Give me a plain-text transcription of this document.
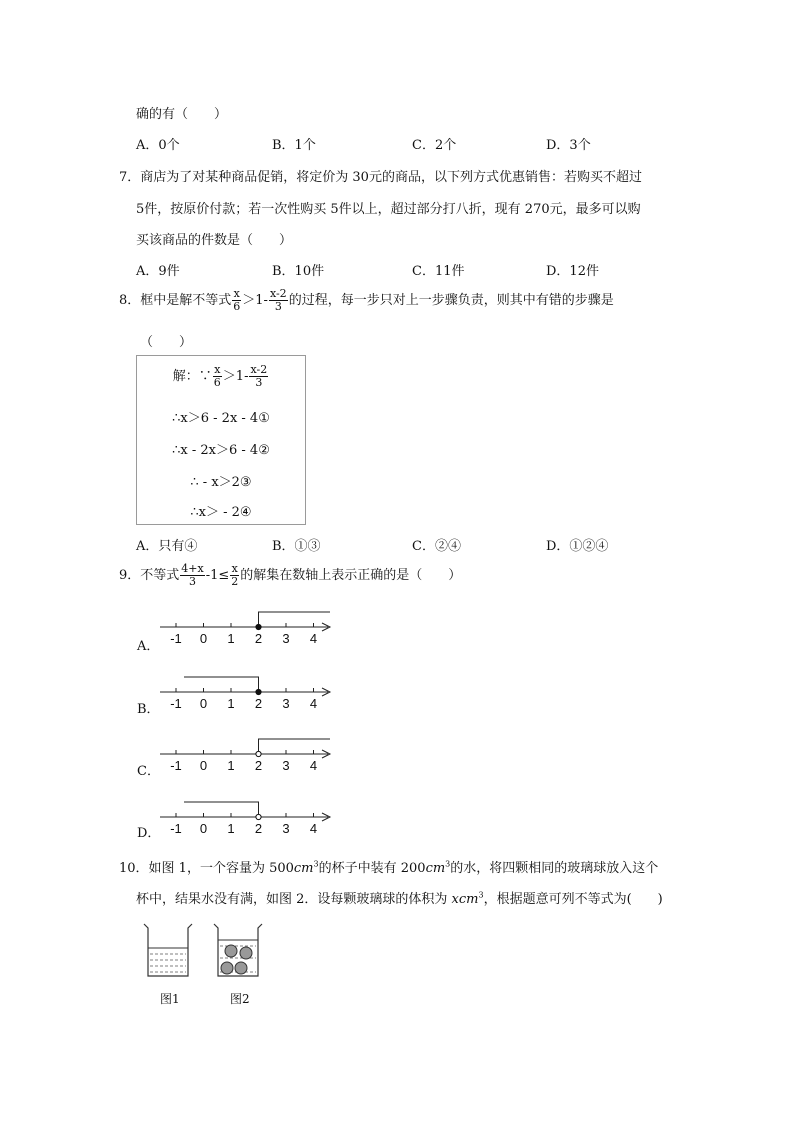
确的有（　　）
A．0个	B．1个	C．2个	D．3个
7．商店为了对某种商品促销，将定价为 30元的商品，以下列方式优惠销售：若购买不超过
5件，按原价付款；若一次性购买 5件以上，超过部分打八折，现有 270元，最多可以购
买该商品的件数是（　　）
A．9件	B．10件	C．11件	D．12件
8．框中是解不等式 $\frac{x}{6} >1- \frac{x-2}{3}$ 的过程，每一步只对上一步骤负责，则其中有错的步骤是
（　　）
解：∵ $\frac{x}{6} >1- \frac{x-2}{3}$
∴x＞6 - 2x - 4①
∴x - 2x＞6 - 4②
∴ - x＞2③
∴x＞ - 2④
A．只有④	B．①③	C．②④	D．①②④
9．不等式 $\frac{4+x}{3} -1\le \frac{x}{2}$ 的解集在数轴上表示正确的是（　　）
A．
-1 0 1 2 3 4
B． -1 0 1 2 3 4
C． -1 0 1 2 3 4
D． -1 0 1 2 3 4
10．如图 1，一个容量为 $500cm^3$的杯子中装有 $200cm^3$的水，将四颗相同的玻璃球放入这个
杯中，结果水没有满，如图 2．设每颗玻璃球的体积为 xcm$^3$，根据题意可列不等式为(　　)
图1	图2
